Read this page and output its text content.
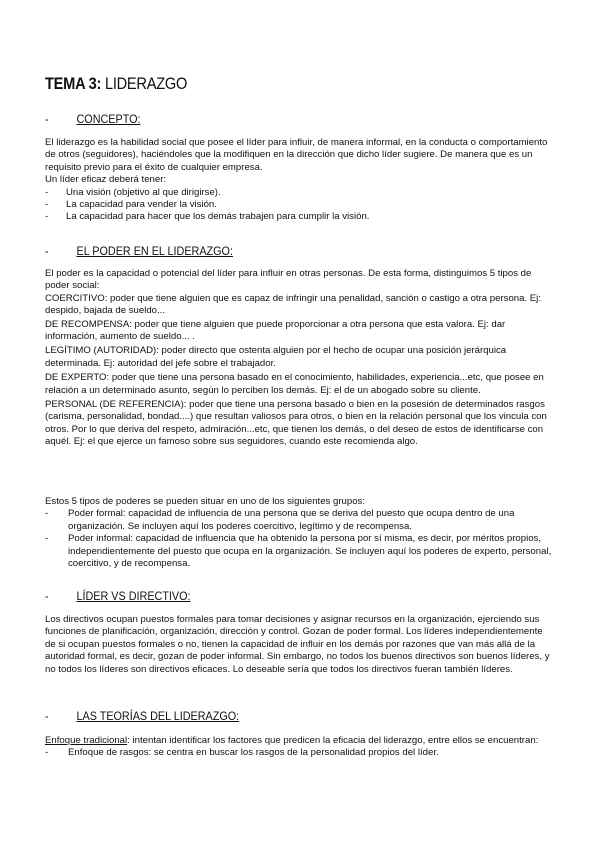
TEMA 3: LIDERAZGO
- CONCEPTO:

El liderazgo es la habilidad social que posee el líder para influir, de manera informal, en la conducta o comportamiento de otros (seguidores), haciéndoles que la modifiquen en la dirección que dicho líder sugiere. De manera que es un requisito previo para el éxito de cualquier empresa.

Un líder eficaz deberá tener:

-	Una visión (objetivo al que dirigirse).
-	La capacidad para vender la visión.
-	La capacidad para hacer que los demás trabajen para cumplir la visión.
- EL PODER EN EL LIDERAZGO:

El poder es la capacidad o potencial del líder para influir en otras personas. De esta forma, distinguimos 5 tipos de poder social:

COERCITIVO: poder que tiene alguien que es capaz de infringir una penalidad, sanción o castigo a otra persona. Ej: despido, bajada de sueldo...

DE RECOMPENSA: poder que tiene alguien que puede proporcionar a otra persona que esta valora. Ej: dar información, aumento de sueldo... .

LEGÍTIMO (AUTORIDAD): poder directo que ostenta alguien por el hecho de ocupar una posición jerárquica determinada. Ej: autoridad del jefe sobre el trabajador.

DE EXPERTO: poder que tiene una persona basado en el conocimiento, habilidades, experiencia...etc, que posee en relación a un determinado asunto, según lo perciben los demás. Ej: el de un abogado sobre su cliente.

PERSONAL (DE REFERENCIA): poder que tiene una persona basado o bien en la posesión de determinados rasgos (carisma, personalidad, bondad....) que resultan valiosos para otros, o bien en la relación personal que los vincula con otros. Por lo que deriva del respeto, admiración...etc, que tienen los demás, o del deseo de estos de identificarse con aquél. Ej: el que ejerce un famoso sobre sus seguidores, cuando este recomienda algo.

Estos 5 tipos de poderes se pueden situar en uno de los siguientes grupos:

-	Poder formal: capacidad de influencia de una persona que se deriva del puesto que ocupa dentro de una organización. Se incluyen aquí los poderes coercitivo, legítimo y de recompensa.
-	Poder informal: capacidad de influencia que ha obtenido la persona por sí misma, es decir, por méritos propios, independientemente del puesto que ocupa en la organización. Se incluyen aquí los poderes de experto, personal, coercitivo, y de recompensa.
- LÍDER VS DIRECTIVO:

Los directivos ocupan puestos formales para tomar decisiones y asignar recursos en la organización, ejerciendo sus funciones de planificación, organización, dirección y control. Gozan de poder formal. Los líderes independientemente de si ocupan puestos formales o no, tienen la capacidad de influir en los demás por razones que van más allá de la autoridad formal, es decir, gozan de poder informal. Sin embargo, no todos los buenos directivos son buenos líderes, y no todos los líderes son directivos eficaces. Lo deseable sería que todos los directivos fueran también líderes.

- LAS TEORÍAS DEL LIDERAZGO:

Enfoque tradicional: intentan identificar los factores que predicen la eficacia del liderazgo, entre ellos se encuentran:

-	Enfoque de rasgos: se centra en buscar los rasgos de la personalidad propios del líder.
